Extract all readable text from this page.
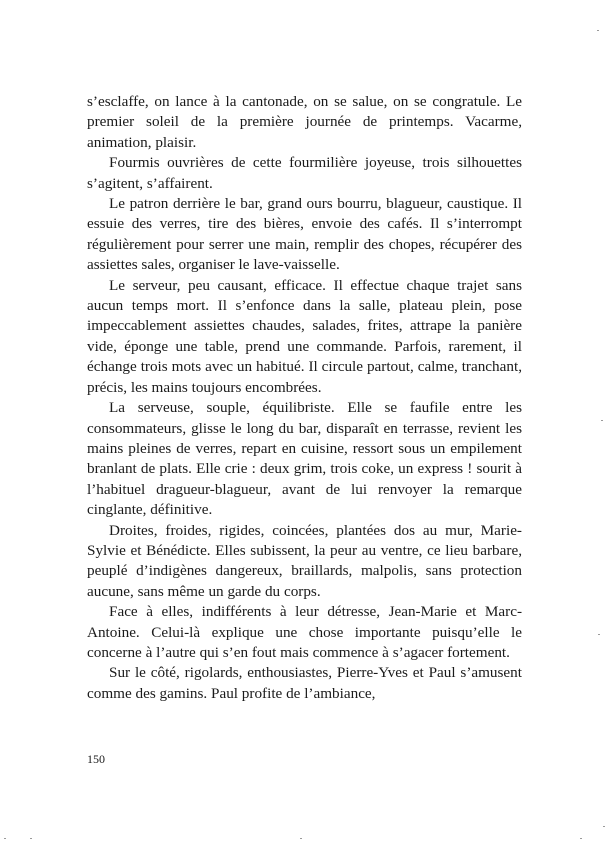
s’esclaffe, on lance à la cantonade, on se salue, on se congratule. Le premier soleil de la première journée de printemps. Vacarme, animation, plaisir.

Fourmis ouvrières de cette fourmilière joyeuse, trois silhouettes s’agitent, s’affairent.

Le patron derrière le bar, grand ours bourru, blagueur, caustique. Il essuie des verres, tire des bières, envoie des cafés. Il s’interrompt régulièrement pour serrer une main, remplir des chopes, récupérer des assiettes sales, organiser le lave-vaisselle.

Le serveur, peu causant, efficace. Il effectue chaque trajet sans aucun temps mort. Il s’enfonce dans la salle, plateau plein, pose impeccablement assiettes chaudes, salades, frites, attrape la panière vide, éponge une table, prend une commande. Parfois, rarement, il échange trois mots avec un habitué. Il circule partout, calme, tranchant, précis, les mains toujours encombrées.

La serveuse, souple, équilibriste. Elle se faufile entre les consommateurs, glisse le long du bar, disparaît en terrasse, revient les mains pleines de verres, repart en cuisine, ressort sous un empilement branlant de plats. Elle crie : deux grim, trois coke, un express ! sourit à l’habituel dragueur-blagueur, avant de lui renvoyer la remarque cinglante, définitive.

Droites, froides, rigides, coincées, plantées dos au mur, Marie-Sylvie et Bénédicte. Elles subissent, la peur au ventre, ce lieu barbare, peuplé d’indigènes dangereux, braillards, malpolis, sans protection aucune, sans même un garde du corps.

Face à elles, indifférents à leur détresse, Jean-Marie et Marc-Antoine. Celui-là explique une chose importante puisqu’elle le concerne à l’autre qui s’en fout mais commence à s’agacer fortement.

Sur le côté, rigolards, enthousiastes, Pierre-Yves et Paul s’amusent comme des gamins. Paul profite de l’ambiance,

150
